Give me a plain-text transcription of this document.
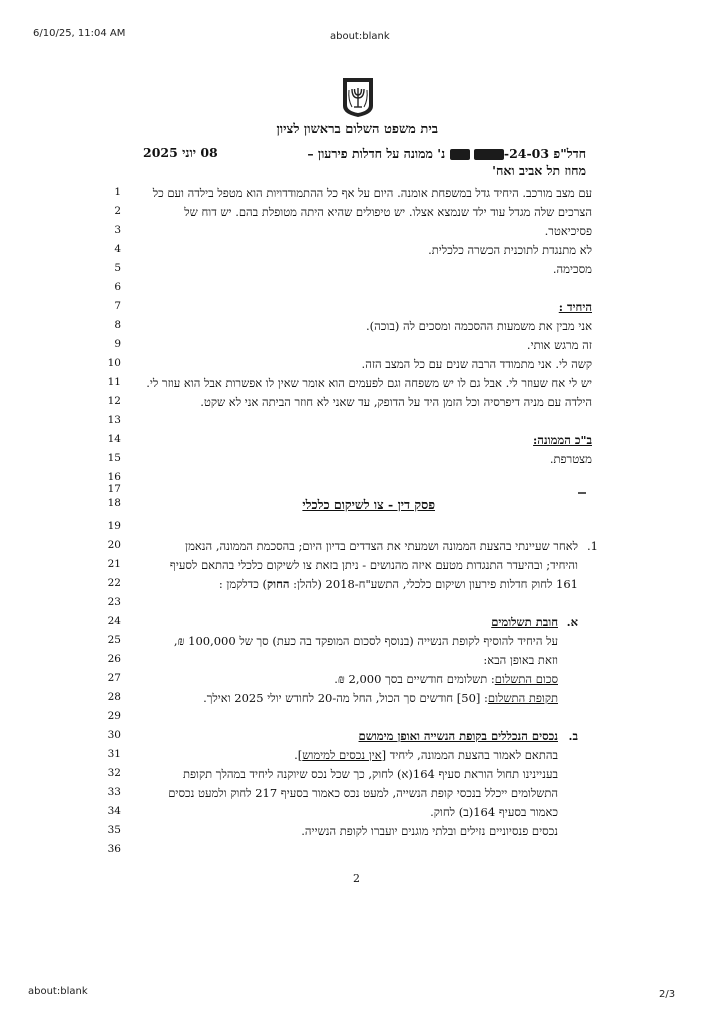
6/10/25, 11:04 AM	about:blank
about:blank	2/3
בית משפט השלום בראשון לציון
חדל"פ 24-03-  נ' ממונה על חדלות פירעון –
מחוז תל אביב ואח'
08 יוני 2025
1
2
3
4
5
6
7
8
9
10
11
12
13
14
15
16
17
18
19
20
21
22
23
24
25
26
27
28
29
30
31
32
33
34
35
36
עם מצב מורכב. היחיד גדל במשפחת אומנה. היום על אף כל ההתמודדויות הוא מטפל בילדה ועם כל
הצרכים שלה מגדל עוד ילד שנמצא אצלו. יש טיפולים שהיא היתה מטופלת בהם. יש דוח של
פסיכיאטר.
לא מתנגדת לתוכנית הכשרה כלכלית.
מסכימה.
היחיד :
אני מבין את משמעות ההסכמה ומסכים לה (בוכה).
זה מרגש אותי.
קשה לי. אני מתמודד הרבה שנים עם כל המצב הזה.
יש לי אח שעוזר לי. אבל גם לו יש משפחה וגם לפעמים הוא אומר שאין לו אפשרות אבל הוא עוזר לי.
הילדה עם מניה דיפרסיה וכל הזמן היד על הדופק, עד שאני לא חוזר הביתה אני לא שקט.
ב"כ הממונה:
מצטרפת.
פסק דין - צו לשיקום כלכלי
1.
לאחר שעיינתי בהצעת הממונה ושמעתי את הצדדים בדיון היום; בהסכמת הממונה, הנאמן
והיחיד; ובהיעדר התנגדות מטעם איזה מהנושים - ניתן בזאת צו לשיקום כלכלי בהתאם לסעיף
161 לחוק חדלות פירעון ושיקום כלכלי, התשע"ח-2018 (להלן: החוק) כדלקמן :
א.
חובת תשלומים
על היחיד להוסיף לקופת הנשייה (בנוסף לסכום המופקד בה כעת) סך של 100,000 ₪,
וזאת באופן הבא:
סכום התשלום: תשלומים חודשיים בסך 2,000 ₪.
תקופת התשלום: [50] חודשים סך הכול, החל מה-20 לחודש יולי 2025 ואילך.
ב.
נכסים הנכללים בקופת הנשייה ואופן מימושם
בהתאם לאמור בהצעת הממונה, ליחיד [אין נכסים למימוש].
בעניינינו תחול הוראת סעיף 164(א) לחוק, כך שכל נכס שיוקנה ליחיד במהלך תקופת
התשלומים ייכלל בנכסי קופת הנשייה, למעט נכס כאמור בסעיף 217 לחוק ולמעט נכסים
כאמור בסעיף 164(ב) לחוק.
נכסים פנסיוניים נזילים ובלתי מוגנים יועברו לקופת הנשייה.
2
